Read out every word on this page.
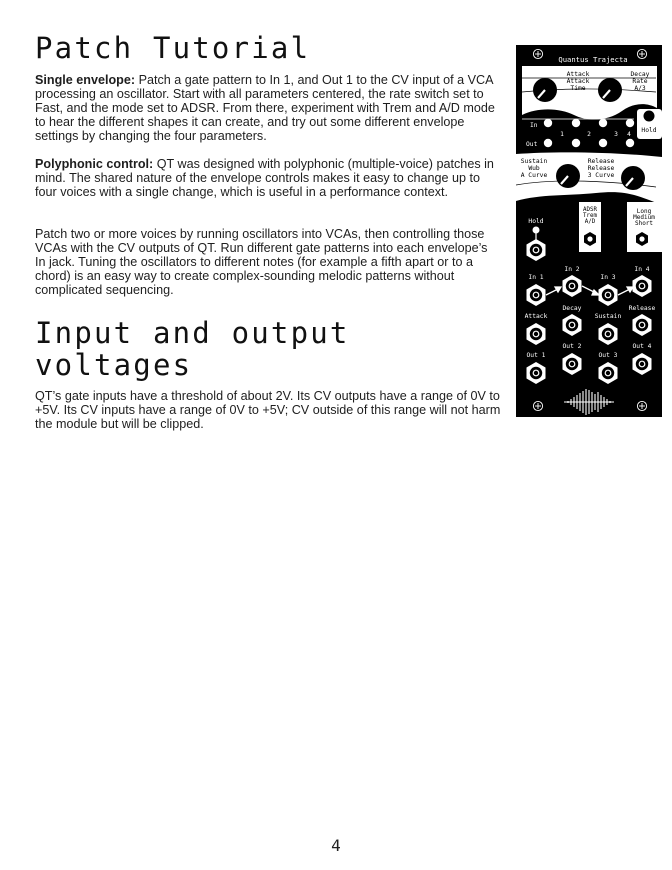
Patch Tutorial

Single envelope: Patch a gate pattern to In 1, and Out 1 to the CV input of a VCA processing an oscillator. Start with all parameters centered, the rate switch set to Fast, and the mode set to ADSR. From there, experiment with Trem and A/D mode to hear the different shapes it can create, and try out some different envelope settings by changing the four parameters.

Polyphonic control: QT was designed with polyphonic (multiple-voice) patches in mind. The shared nature of the envelope controls makes it easy to change up to four voices with a single change, which is useful in a performance context.

Patch two or more voices by running oscillators into VCAs, then controlling those VCAs with the CV outputs of QT. Run different gate patterns into each envelope’s In jack. Tuning the oscillators to different notes (for example a fifth apart or to a chord) is an easy way to create complex-sounding melodic patterns without complicated sequencing.

Input and output voltages

QT’s gate inputs have a threshold of about 2V. Its CV outputs have a range of 0V to +5V. Its CV inputs have a range of 0V to +5V; CV outside of this range will not harm the module but will be clipped.

Quantus Trajecta
Attack
Attack
Time
Decay
Rate
A/3
In
Out
1	2	3 4
Hold
Sustain
Wub
A Curve
Release
Release
3 Curve
ADSR
Trem
A/D
Long
Medium
Short
Hold
In 1
In 2
In 3
In 4
Attack
Decay
Sustain
Release
Out 1
Out 2
Out 3
Out 4
4
